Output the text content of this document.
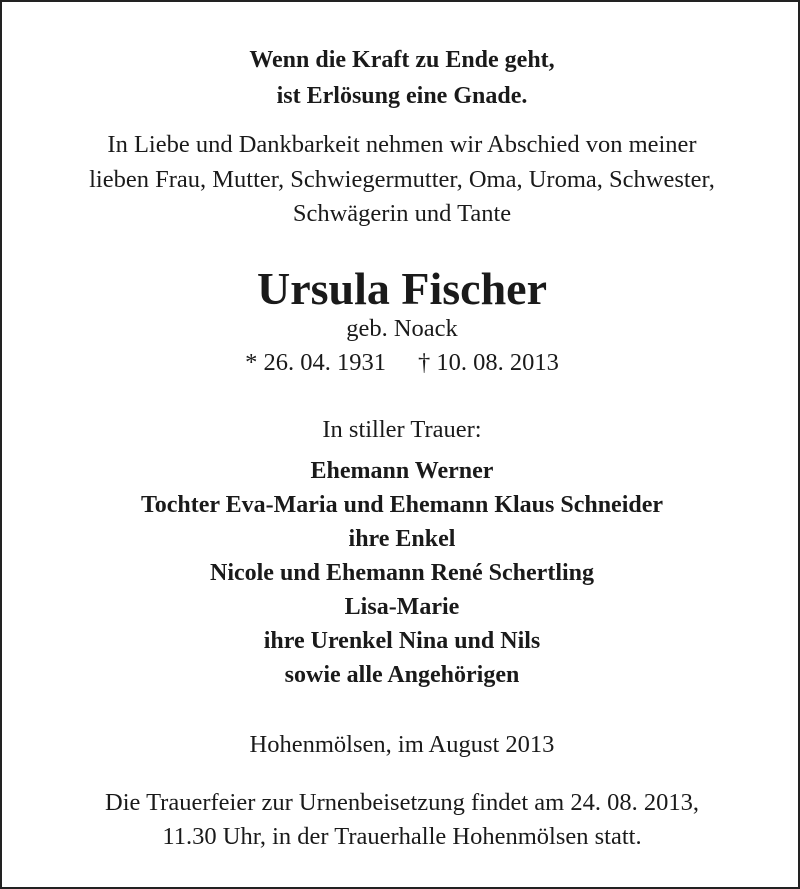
Wenn die Kraft zu Ende geht,
ist Erlösung eine Gnade.
In Liebe und Dankbarkeit nehmen wir Abschied von meiner
lieben Frau, Mutter, Schwiegermutter, Oma, Uroma, Schwester,
Schwägerin und Tante
Ursula Fischer
geb. Noack
* 26. 04. 1931 † 10. 08. 2013
In stiller Trauer:
Ehemann Werner
Tochter Eva-Maria und Ehemann Klaus Schneider
ihre Enkel
Nicole und Ehemann René Schertling
Lisa-Marie
ihre Urenkel Nina und Nils
sowie alle Angehörigen
Hohenmölsen, im August 2013
Die Trauerfeier zur Urnenbeisetzung findet am 24. 08. 2013,
11.30 Uhr, in der Trauerhalle Hohenmölsen statt.
